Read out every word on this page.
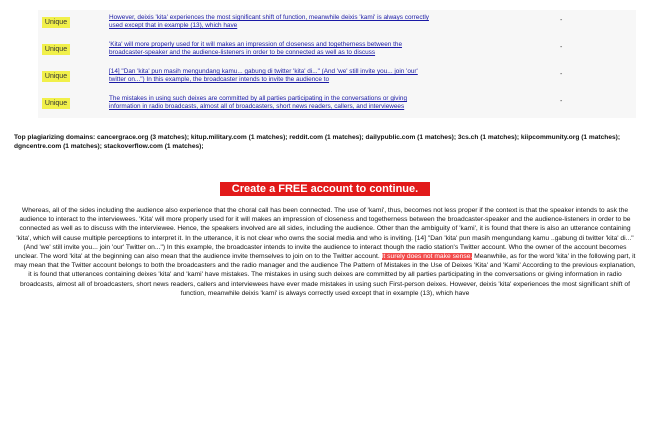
Unique
However, deixis 'kita' experiences the most significant shift of function, meanwhile deixis 'kami' is always correctly
used except that in example (13), which have
-
Unique
'Kita' will more properly used for it will makes an impression of closeness and togetherness between the
broadcaster-speaker and the audience-listeners in order to be connected as well as to discuss
-
Unique
[14] "Dan 'kita' pun masih mengundang kamu... gabung di twitter 'kita' di..." (And 'we' still invite you... join 'our'
twitter on...") In this example, the broadcaster intends to invite the audience to
-
Unique
The mistakes in using such deixes are committed by all parties participating in the conversations or giving
information in radio broadcasts, almost all of broadcasters, short news readers, callers, and interviewees
-
Top plagiarizing domains: cancergrace.org (3 matches); kitup.military.com (1 matches); reddit.com (1 matches); dailypublic.com (1 matches); 3cs.ch (1 matches); kiipcommunity.org (1 matches); dgncentre.com (1 matches); stackoverflow.com (1 matches);
Create a FREE account to continue.
Whereas, all of the sides including the audience also experience that the choral call has been connected. The use of 'kami', thus, becomes not less proper if the context is that the speaker intends to ask the audience to interact to the interviewees. 'Kita' will more properly used for it will makes an impression of closeness and togetherness between the broadcaster-speaker and the audience-listeners in order to be connected as well as to discuss with the interviewee. Hence, the speakers involved are all sides, including the audience. Other than the ambiguity of 'kami', it is found that there is also an utterance containing 'kita', which will cause multiple perceptions to interpret it. In the utterance, it is not clear who owns the social media and who is inviting. [14] "Dan 'kita' pun masih mengundang kamu ..gabung di twitter 'kita' di..." (And 'we' still invite you... join 'our' Twitter on...") In this example, the broadcaster intends to invite the audience to interact though the radio station's Twitter account. Who the owner of the account becomes unclear. The word 'kita' at the beginning can also mean that the audience invite themselves to join on to the Twitter account. It surely does not make sense. Meanwhile, as for the word 'kita' in the following part, it may mean that the Twitter account belongs to both the broadcasters and the radio manager and the audience The Pattern of Mistakes in the Use of Deixes 'Kita' and 'Kami' According to the previous explanation, it is found that utterances containing deixes 'kita' and 'kami' have mistakes. The mistakes in using such deixes are committed by all parties participating in the conversations or giving information in radio broadcasts, almost all of broadcasters, short news readers, callers and interviewees have ever made mistakes in using such First-person deixes. However, deixis 'kita' experiences the most significant shift of function, meanwhile deixis 'kami' is always correctly used except that in example (13), which have
